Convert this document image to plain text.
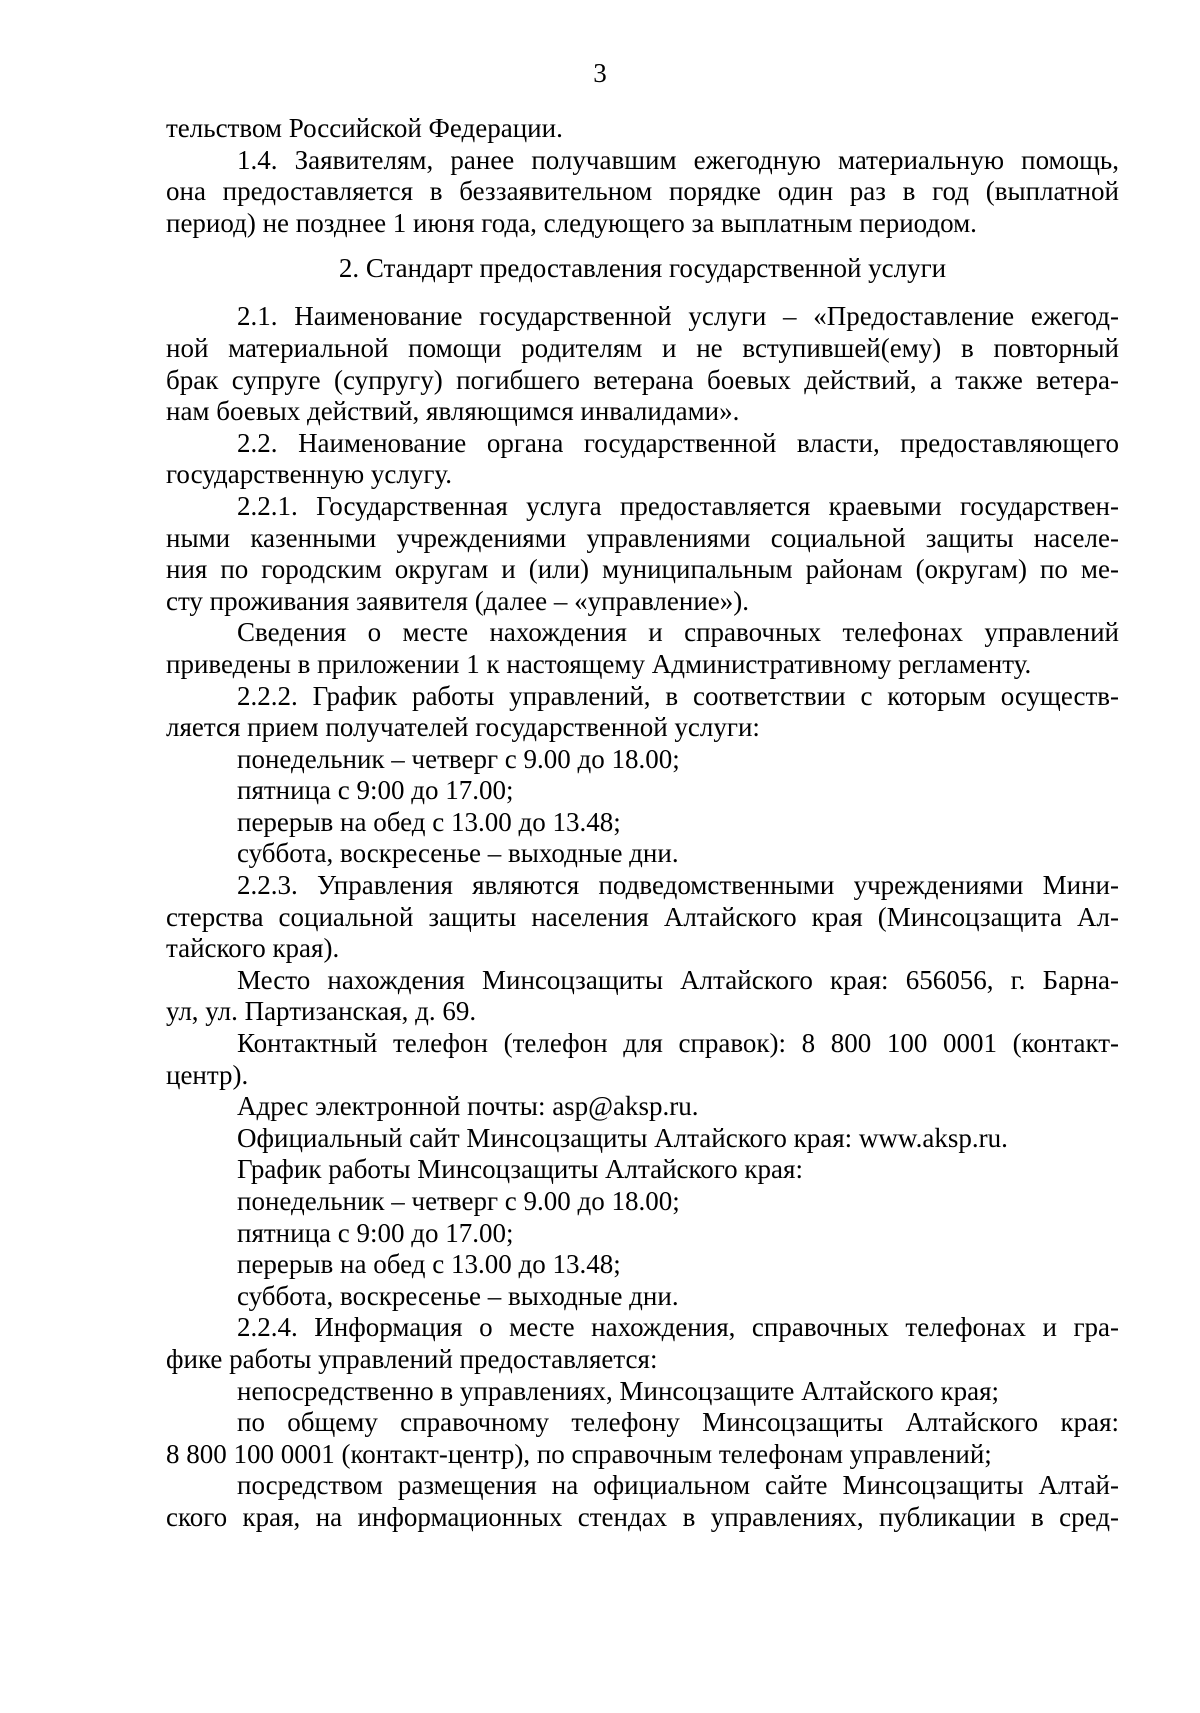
3
тельством Российской Федерации.
1.4. Заявителям, ранее получавшим ежегодную материальную помощь,
она предоставляется в беззаявительном порядке один раз в год (выплатной
период) не позднее 1 июня года, следующего за выплатным периодом.
2. Стандарт предоставления государственной услуги
2.1. Наименование государственной услуги – «Предоставление ежегод-
ной материальной помощи родителям и не вступившей(ему) в повторный
брак супруге (супругу) погибшего ветерана боевых действий, а также ветера-
нам боевых действий, являющимся инвалидами».
2.2. Наименование органа государственной власти, предоставляющего
государственную услугу.
2.2.1. Государственная услуга предоставляется краевыми государствен-
ными казенными учреждениями управлениями социальной защиты населе-
ния по городским округам и (или) муниципальным районам (округам) по ме-
сту проживания заявителя (далее – «управление»).
Сведения о месте нахождения и справочных телефонах управлений
приведены в приложении 1 к настоящему Административному регламенту.
2.2.2. График работы управлений, в соответствии с которым осуществ-
ляется прием получателей государственной услуги:
понедельник – четверг с 9.00 до 18.00;
пятница с 9:00 до 17.00;
перерыв на обед с 13.00 до 13.48;
суббота, воскресенье – выходные дни.
2.2.3. Управления являются подведомственными учреждениями Мини-
стерства социальной защиты населения Алтайского края (Минсоцзащита Ал-
тайского края).
Место нахождения Минсоцзащиты Алтайского края: 656056, г. Барна-
ул, ул. Партизанская, д. 69.
Контактный телефон (телефон для справок): 8 800 100 0001 (контакт-
центр).
Адрес электронной почты: asp@aksp.ru.
Официальный сайт Минсоцзащиты Алтайского края: www.aksp.ru.
График работы Минсоцзащиты Алтайского края:
понедельник – четверг с 9.00 до 18.00;
пятница с 9:00 до 17.00;
перерыв на обед с 13.00 до 13.48;
суббота, воскресенье – выходные дни.
2.2.4. Информация о месте нахождения, справочных телефонах и гра-
фике работы управлений предоставляется:
непосредственно в управлениях, Минсоцзащите Алтайского края;
по общему справочному телефону Минсоцзащиты Алтайского края:
8 800 100 0001 (контакт-центр), по справочным телефонам управлений;
посредством размещения на официальном сайте Минсоцзащиты Алтай-
ского края, на информационных стендах в управлениях, публикации в сред-
